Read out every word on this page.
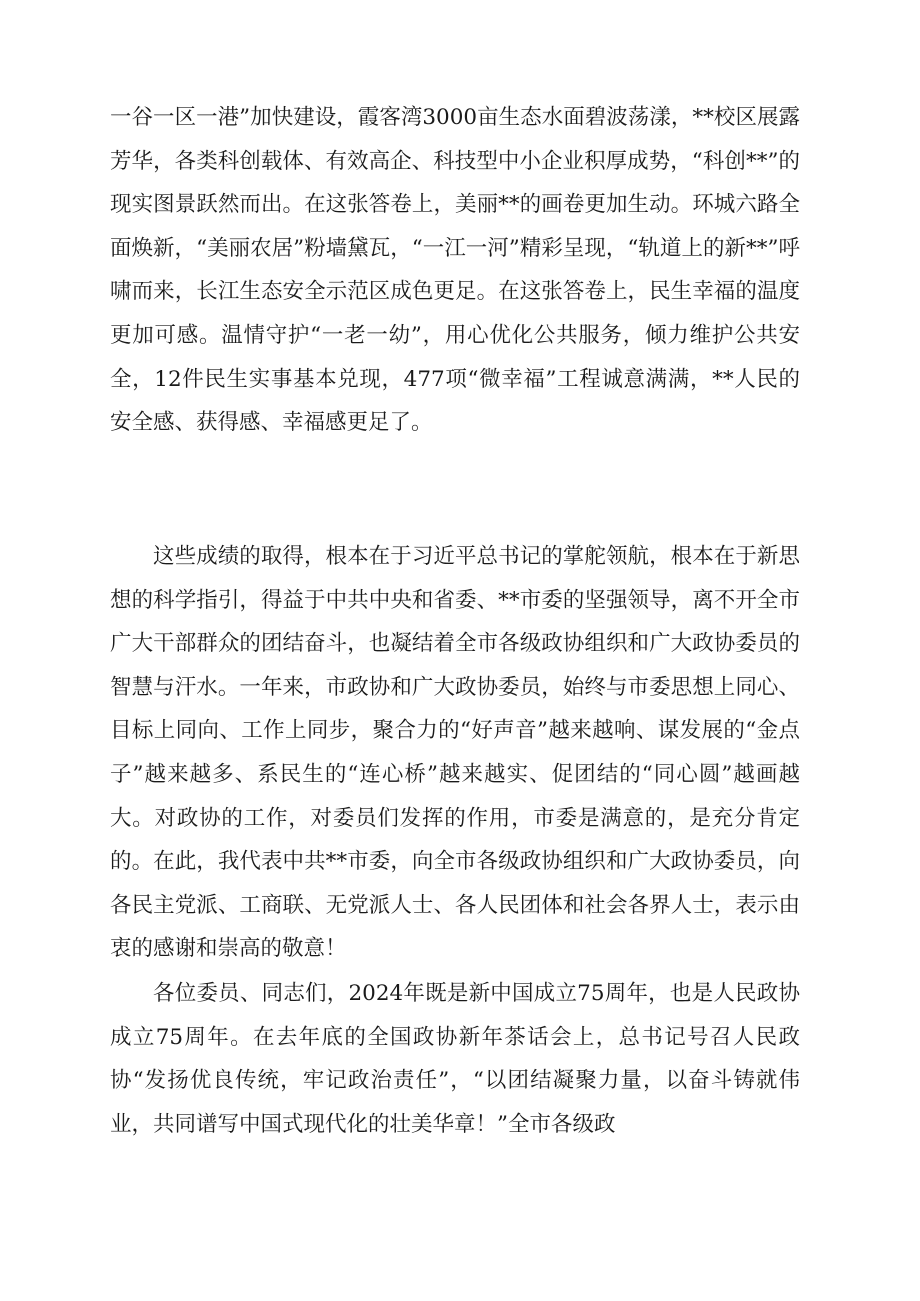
一谷一区一港”加快建设，霞客湾3000亩生态水面碧波荡漾，**校区展露芳华，各类科创载体、有效高企、科技型中小企业积厚成势，“科创**”的现实图景跃然而出。在这张答卷上，美丽**的画卷更加生动。环城六路全面焕新，“美丽农居”粉墙黛瓦，“一江一河”精彩呈现，“轨道上的新**”呼啸而来，长江生态安全示范区成色更足。在这张答卷上，民生幸福的温度更加可感。温情守护“一老一幼”，用心优化公共服务，倾力维护公共安全，12件民生实事基本兑现，477项“微幸福”工程诚意满满，**人民的安全感、获得感、幸福感更足了。

这些成绩的取得，根本在于习近平总书记的掌舵领航，根本在于新思想的科学指引，得益于中共中央和省委、**市委的坚强领导，离不开全市广大干部群众的团结奋斗，也凝结着全市各级政协组织和广大政协委员的智慧与汗水。一年来，市政协和广大政协委员，始终与市委思想上同心、目标上同向、工作上同步，聚合力的“好声音”越来越响、谋发展的“金点子”越来越多、系民生的“连心桥”越来越实、促团结的“同心圆”越画越大。对政协的工作，对委员们发挥的作用，市委是满意的，是充分肯定的。在此，我代表中共**市委，向全市各级政协组织和广大政协委员，向各民主党派、工商联、无党派人士、各人民团体和社会各界人士，表示由衷的感谢和崇高的敬意！

各位委员、同志们，2024年既是新中国成立75周年，也是人民政协成立75周年。在去年底的全国政协新年茶话会上，总书记号召人民政协“发扬优良传统，牢记政治责任”，“以团结凝聚力量，以奋斗铸就伟业，共同谱写中国式现代化的壮美华章！”全市各级政
